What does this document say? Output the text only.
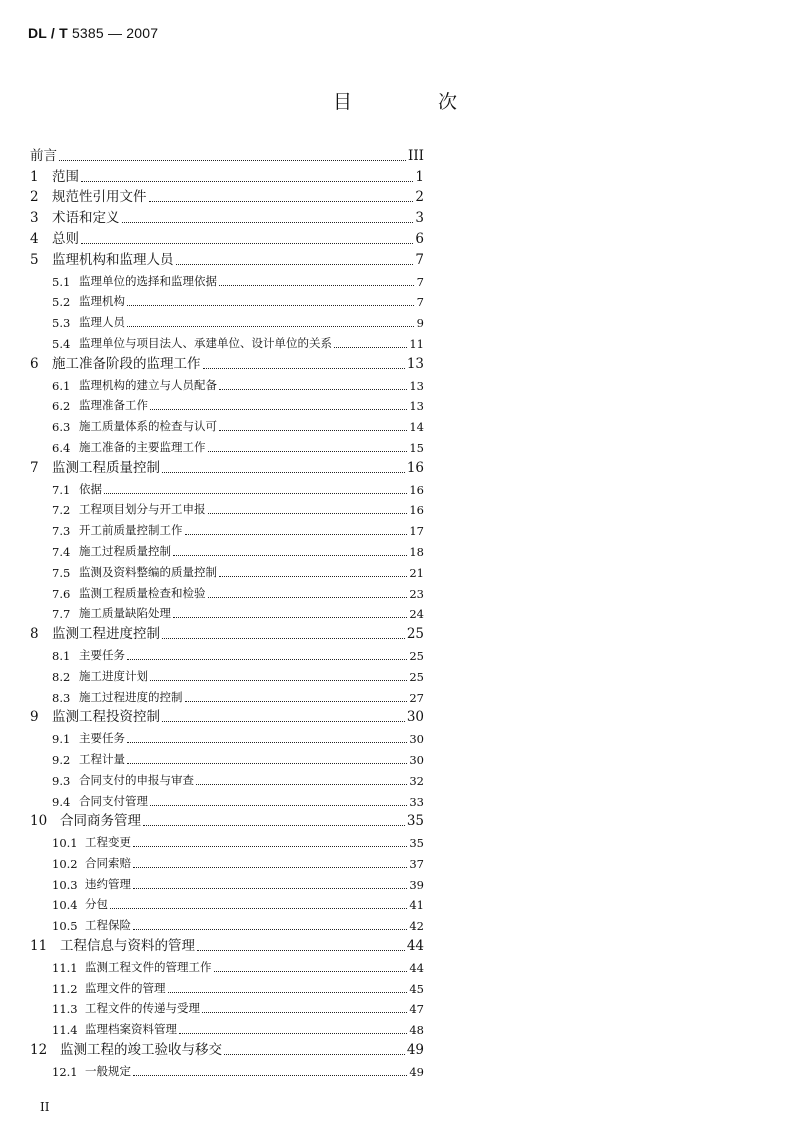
DL / T 5385 — 2007
目 次
前言	III
1 范围	1
2 规范性引用文件	2
3 术语和定义	3
4 总则	6
5 监理机构和监理人员	7
5.1 监理单位的选择和监理依据	7
5.2 监理机构	7
5.3 监理人员	9
5.4 监理单位与项目法人、承建单位、设计单位的关系	11
6 施工准备阶段的监理工作	13
6.1 监理机构的建立与人员配备	13
6.2 监理准备工作	13
6.3 施工质量体系的检查与认可	14
6.4 施工准备的主要监理工作	15
7 监测工程质量控制	16
7.1 依据	16
7.2 工程项目划分与开工申报	16
7.3 开工前质量控制工作	17
7.4 施工过程质量控制	18
7.5 监测及资料整编的质量控制	21
7.6 监测工程质量检查和检验	23
7.7 施工质量缺陷处理	24
8 监测工程进度控制	25
8.1 主要任务	25
8.2 施工进度计划	25
8.3 施工过程进度的控制	27
9 监测工程投资控制	30
9.1 主要任务	30
9.2 工程计量	30
9.3 合同支付的申报与审查	32
9.4 合同支付管理	33
10 合同商务管理	35
10.1 工程变更	35
10.2 合同索赔	37
10.3 违约管理	39
10.4 分包	41
10.5 工程保险	42
11 工程信息与资料的管理	44
11.1 监测工程文件的管理工作	44
11.2 监理文件的管理	45
11.3 工程文件的传递与受理	47
11.4 监理档案资料管理	48
12 监测工程的竣工验收与移交	49
12.1 一般规定	49
II
